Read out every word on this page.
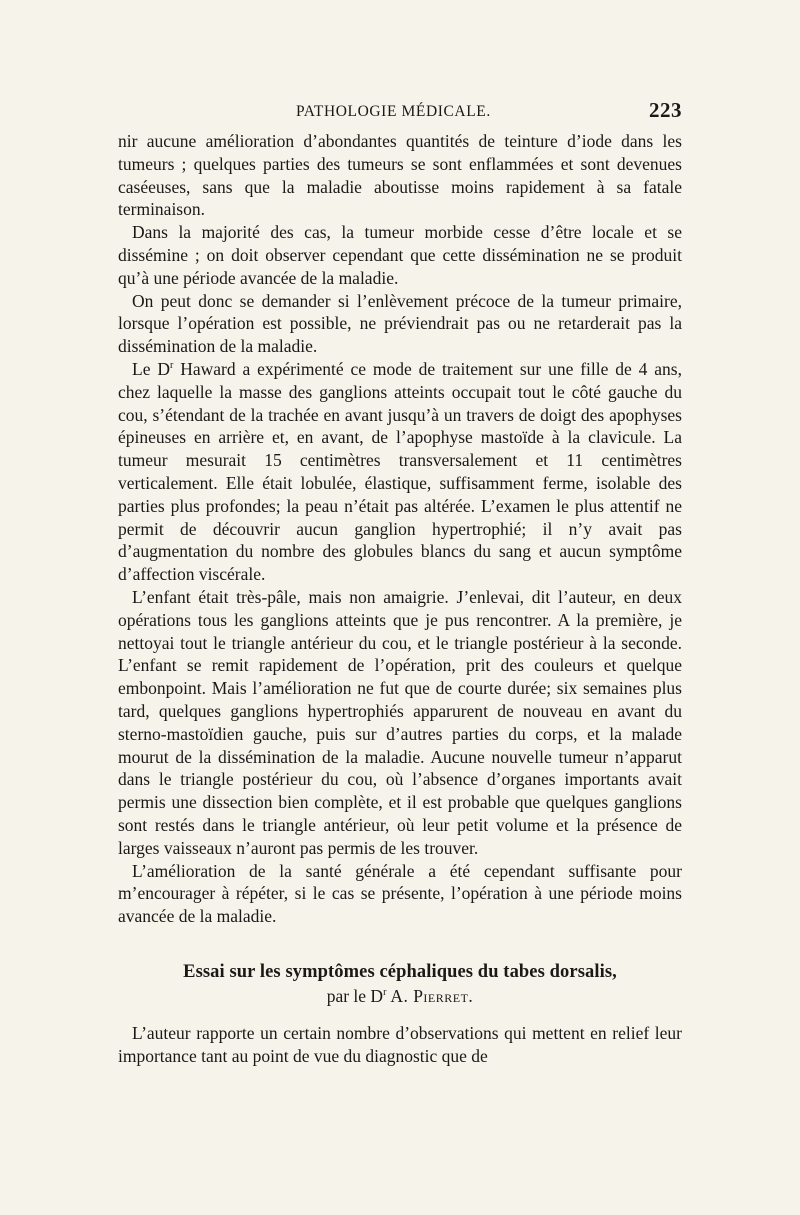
PATHOLOGIE MÉDICALE.	223

nir aucune amélioration d’abondantes quantités de teinture d’iode dans les tumeurs ; quelques parties des tumeurs se sont enflammées et sont devenues caséeuses, sans que la maladie aboutisse moins rapidement à sa fatale terminaison.

Dans la majorité des cas, la tumeur morbide cesse d’être locale et se dissémine ; on doit observer cependant que cette dissémination ne se produit qu’à une période avancée de la maladie.

On peut donc se demander si l’enlèvement précoce de la tumeur primaire, lorsque l’opération est possible, ne préviendrait pas ou ne retarderait pas la dissémination de la maladie.

Le $D^r$ Haward a expérimenté ce mode de traitement sur une fille de 4 ans, chez laquelle la masse des ganglions atteints occupait tout le côté gauche du cou, s’étendant de la trachée en avant jusqu’à un travers de doigt des apophyses épineuses en arrière et, en avant, de l’apophyse mastoïde à la clavicule. La tumeur mesurait 15 centimètres transversalement et 11 centimètres verticalement. Elle était lobulée, élastique, suffisamment ferme, isolable des parties plus profondes; la peau n’était pas altérée. L’examen le plus attentif ne permit de découvrir aucun ganglion hypertrophié; il n’y avait pas d’augmentation du nombre des globules blancs du sang et aucun symptôme d’affection viscérale.

L’enfant était très-pâle, mais non amaigrie. J’enlevai, dit l’auteur, en deux opérations tous les ganglions atteints que je pus rencontrer. A la première, je nettoyai tout le triangle antérieur du cou, et le triangle postérieur à la seconde. L’enfant se remit rapidement de l’opération, prit des couleurs et quelque embonpoint. Mais l’amélioration ne fut que de courte durée; six semaines plus tard, quelques ganglions hypertrophiés apparurent de nouveau en avant du sterno-mastoïdien gauche, puis sur d’autres parties du corps, et la malade mourut de la dissémination de la maladie. Aucune nouvelle tumeur n’apparut dans le triangle postérieur du cou, où l’absence d’organes importants avait permis une dissection bien complète, et il est probable que quelques ganglions sont restés dans le triangle antérieur, où leur petit volume et la présence de larges vaisseaux n’auront pas permis de les trouver.

L’amélioration de la santé générale a été cependant suffisante pour m’encourager à répéter, si le cas se présente, l’opération à une période moins avancée de la maladie.

Essai sur les symptômes céphaliques du tabes dorsalis,
par le $D^r$ A. Pierret.

L’auteur rapporte un certain nombre d’observations qui mettent en relief leur importance tant au point de vue du diagnostic que de
